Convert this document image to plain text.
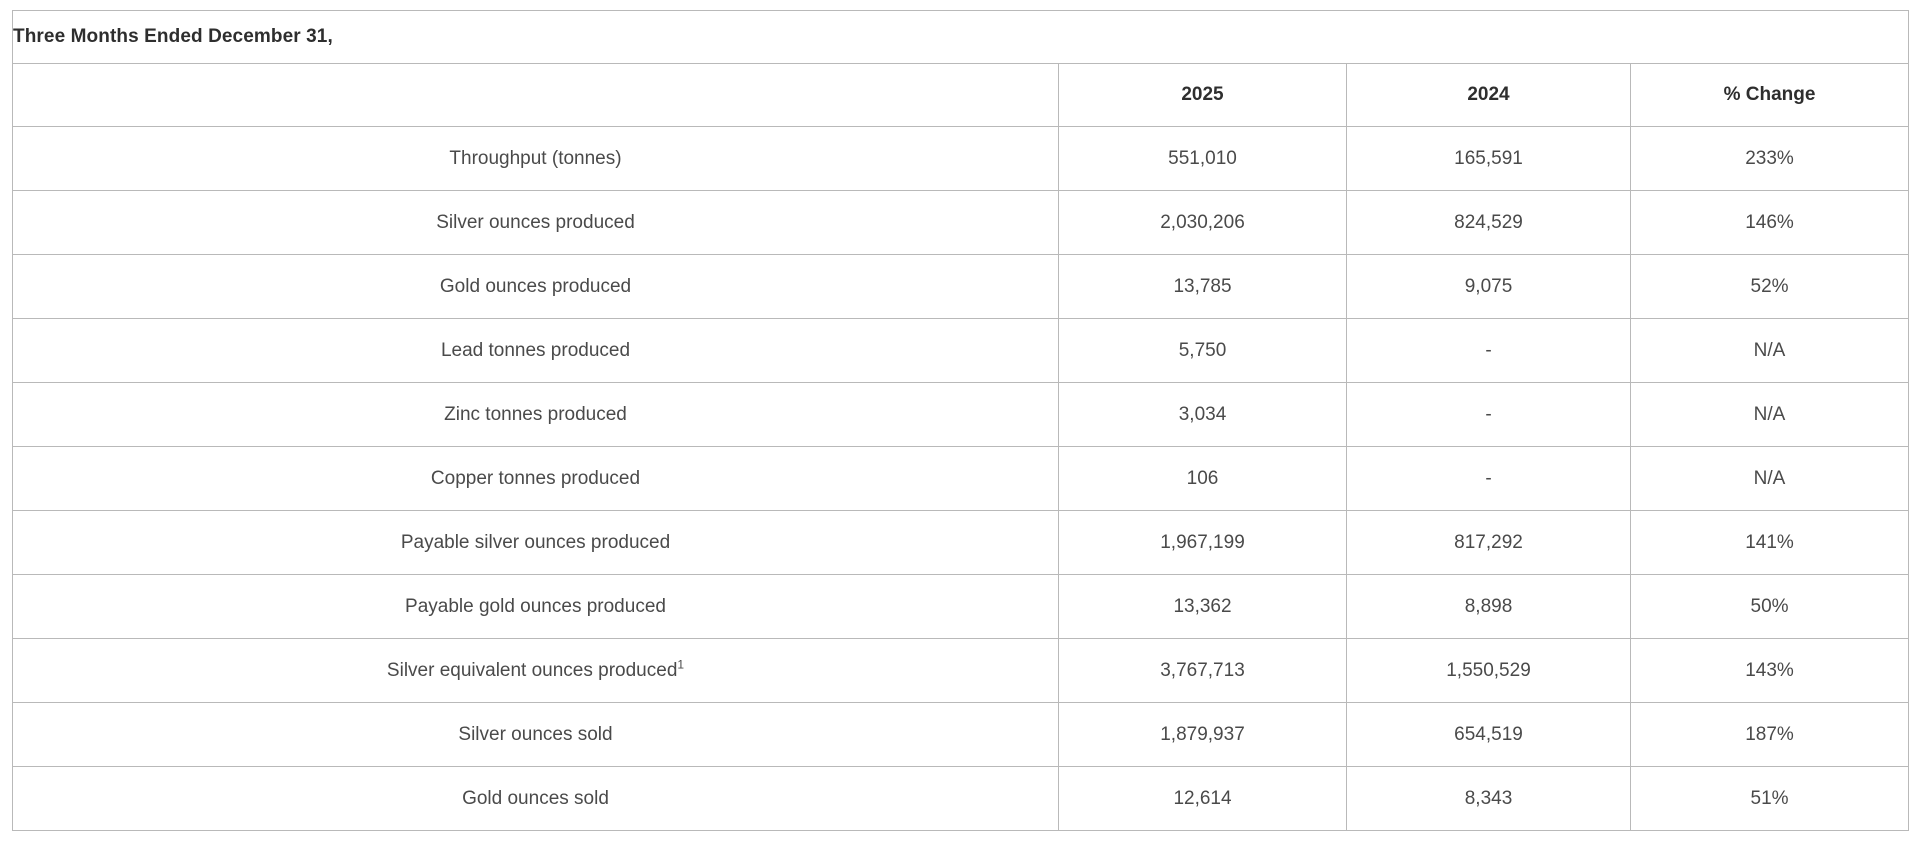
Three Months Ended December 31,			
	2025	2024	% Change
Throughput (tonnes)	551,010	165,591	233%
Silver ounces produced	2,030,206	824,529	146%
Gold ounces produced	13,785	9,075	52%
Lead tonnes produced	5,750	-	N/A
Zinc tonnes produced	3,034	-	N/A
Copper tonnes produced	106	-	N/A
Payable silver ounces produced	1,967,199	817,292	141%
Payable gold ounces produced	13,362	8,898	50%
Silver equivalent ounces produced$^1$	3,767,713	1,550,529	143%
Silver ounces sold	1,879,937	654,519	187%
Gold ounces sold	12,614	8,343	51%
